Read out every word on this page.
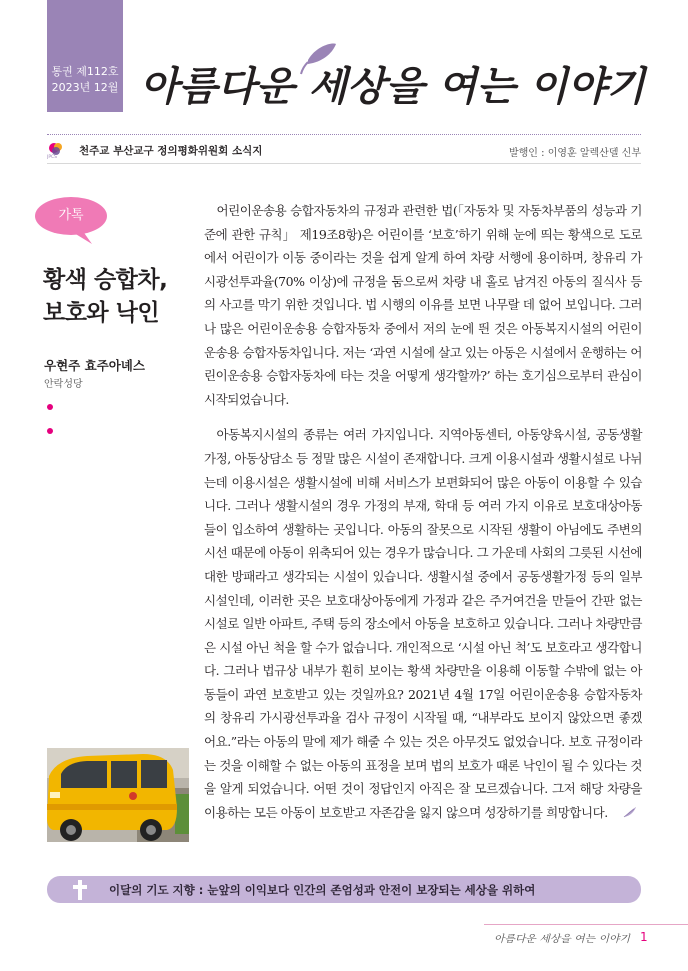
통권 제112호
2023년 12월 아름다운 세상을 여는 이야기
JPCS
천주교 부산교구 정의평화위원회 소식지	발행인 : 이영훈 알렉산델 신부
가톡
황색 승합차,
보호와 낙인
우현주 효주아녜스
안락성당

어린이운송용 승합자동차의 규정과 관련한 법(「자동차 및 자동차부품의 성능과 기준에 관한 규칙」 제19조8항)은 어린이를 ‘보호’하기 위해 눈에 띄는 황색으로 도로에서 어린이가 이동 중이라는 것을 쉽게 알게 하여 차량 서행에 용이하며, 창유리 가시광선투과율(70% 이상)에 규정을 둠으로써 차량 내 홀로 남겨진 아동의 질식사 등의 사고를 막기 위한 것입니다. 법 시행의 이유를 보면 나무랄 데 없어 보입니다. 그러나 많은 어린이운송용 승합자동차 중에서 저의 눈에 띈 것은 아동복지시설의 어린이운송용 승합자동차입니다. 저는 ‘과연 시설에 살고 있는 아동은 시설에서 운행하는 어린이운송용 승합자동차에 타는 것을 어떻게 생각할까?’ 하는 호기심으로부터 관심이 시작되었습니다.

아동복지시설의 종류는 여러 가지입니다. 지역아동센터, 아동양육시설, 공동생활가정, 아동상담소 등 정말 많은 시설이 존재합니다. 크게 이용시설과 생활시설로 나뉘는데 이용시설은 생활시설에 비해 서비스가 보편화되어 많은 아동이 이용할 수 있습니다. 그러나 생활시설의 경우 가정의 부재, 학대 등 여러 가지 이유로 보호대상아동들이 입소하여 생활하는 곳입니다. 아동의 잘못으로 시작된 생활이 아님에도 주변의 시선 때문에 아동이 위축되어 있는 경우가 많습니다. 그 가운데 사회의 그릇된 시선에 대한 방패라고 생각되는 시설이 있습니다. 생활시설 중에서 공동생활가정 등의 일부 시설인데, 이러한 곳은 보호대상아동에게 가정과 같은 주거여건을 만들어 간판 없는 시설로 일반 아파트, 주택 등의 장소에서 아동을 보호하고 있습니다. 그러나 차량만큼은 시설 아닌 척을 할 수가 없습니다. 개인적으로 ‘시설 아닌 척’도 보호라고 생각합니다. 그러나 법규상 내부가 훤히 보이는 황색 차량만을 이용해 이동할 수밖에 없는 아동들이 과연 보호받고 있는 것일까요? 2021년 4월 17일 어린이운송용 승합자동차의 창유리 가시광선투과율 검사 규정이 시작될 때, “내부라도 보이지 않았으면 좋겠어요.”라는 아동의 말에 제가 해줄 수 있는 것은 아무것도 없었습니다. 보호 규정이라는 것을 이해할 수 없는 아동의 표정을 보며 법의 보호가 때론 낙인이 될 수 있다는 것을 알게 되었습니다. 어떤 것이 정답인지 아직은 잘 모르겠습니다. 그저 해당 차량을 이용하는 모든 아동이 보호받고 자존감을 잃지 않으며 성장하기를 희망합니다.

이달의 기도 지향 : 눈앞의 이익보다 인간의 존엄성과 안전이 보장되는 세상을 위하여
아름다운 세상을 여는 이야기	1
